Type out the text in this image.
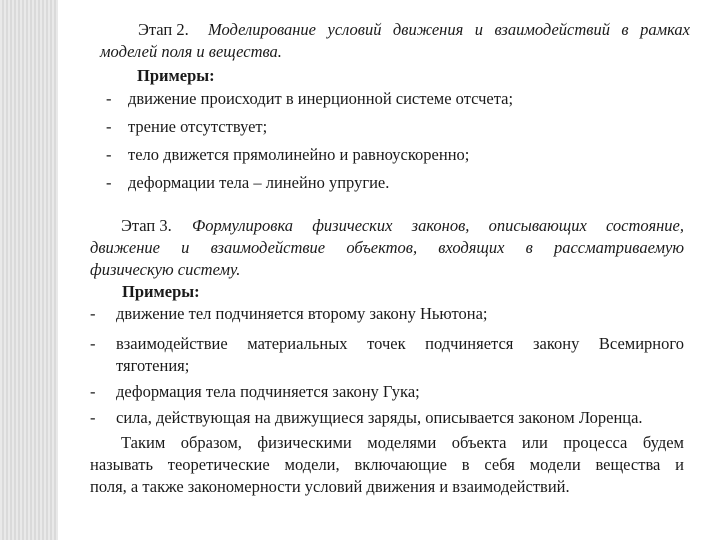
Этап 2. Моделирование условий движения и взаимодействий в рамках
моделей поля и вещества.
Примеры:
- движение происходит в инерционной системе отсчета;
- трение отсутствует;
- тело движется прямолинейно и равноускоренно;
- деформации тела – линейно упругие.
Этап 3. Формулировка физических законов, описывающих состояние,
движение и взаимодействие объектов, входящих в рассматриваемую
физическую систему.
Примеры:
- движение тел подчиняется второму закону Ньютона;
- взаимодействие материальных точек подчиняется закону Всемирного
тяготения;
- деформация тела подчиняется закону Гука;
- сила, действующая на движущиеся заряды, описывается законом Лоренца.
Таким образом, физическими моделями объекта или процесса будем
называть теоретические модели, включающие в себя модели вещества и
поля, а также закономерности условий движения и взаимодействий.
